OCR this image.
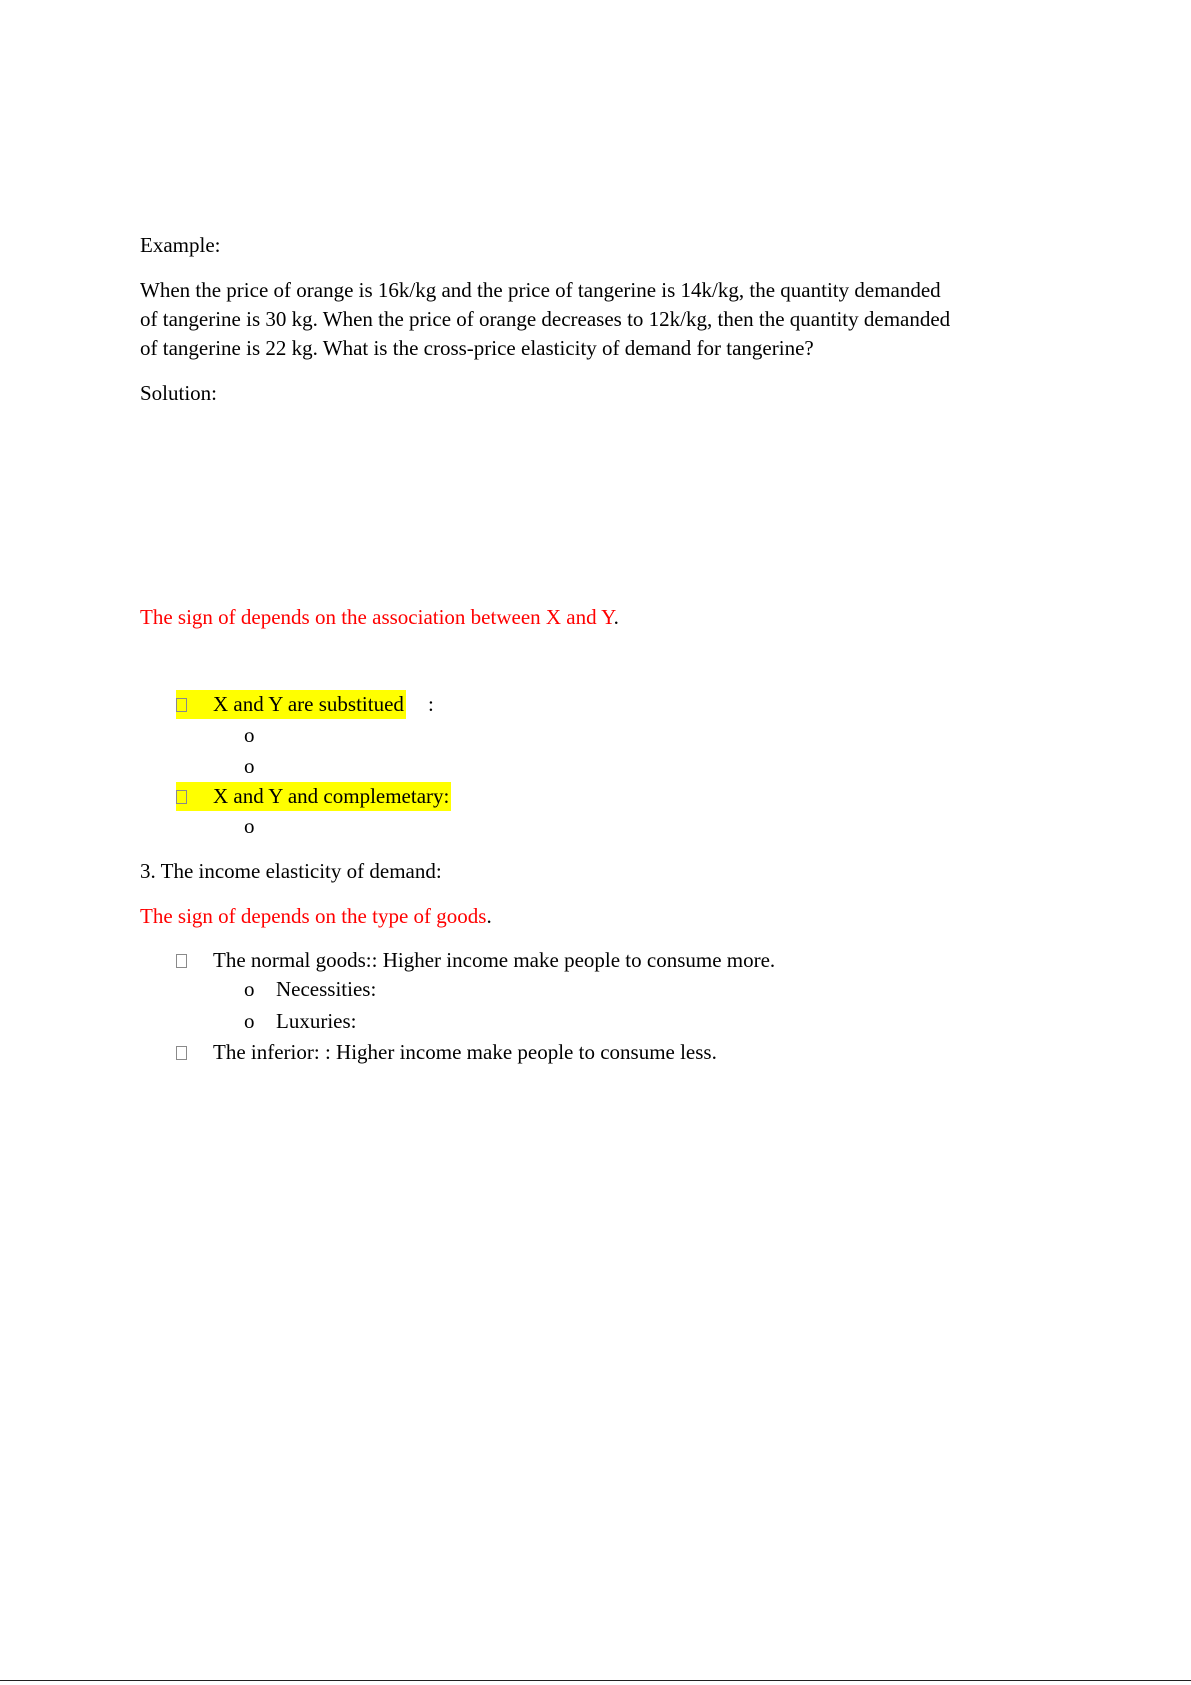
Example:
When the price of orange is 16k/kg and the price of tangerine is 14k/kg, the quantity demanded
of tangerine is 30 kg. When the price of orange decreases to 12k/kg, then the quantity demanded
of tangerine is 22 kg. What is the cross-price elasticity of demand for tangerine?
Solution:
The sign of depends on the association between X and Y.
X and Y are substitued :
o
o
X and Y and complemetary:
o
3. The income elasticity of demand:
The sign of depends on the type of goods.
The normal goods:: Higher income make people to consume more.
o Necessities:
o Luxuries:
The inferior: : Higher income make people to consume less.
